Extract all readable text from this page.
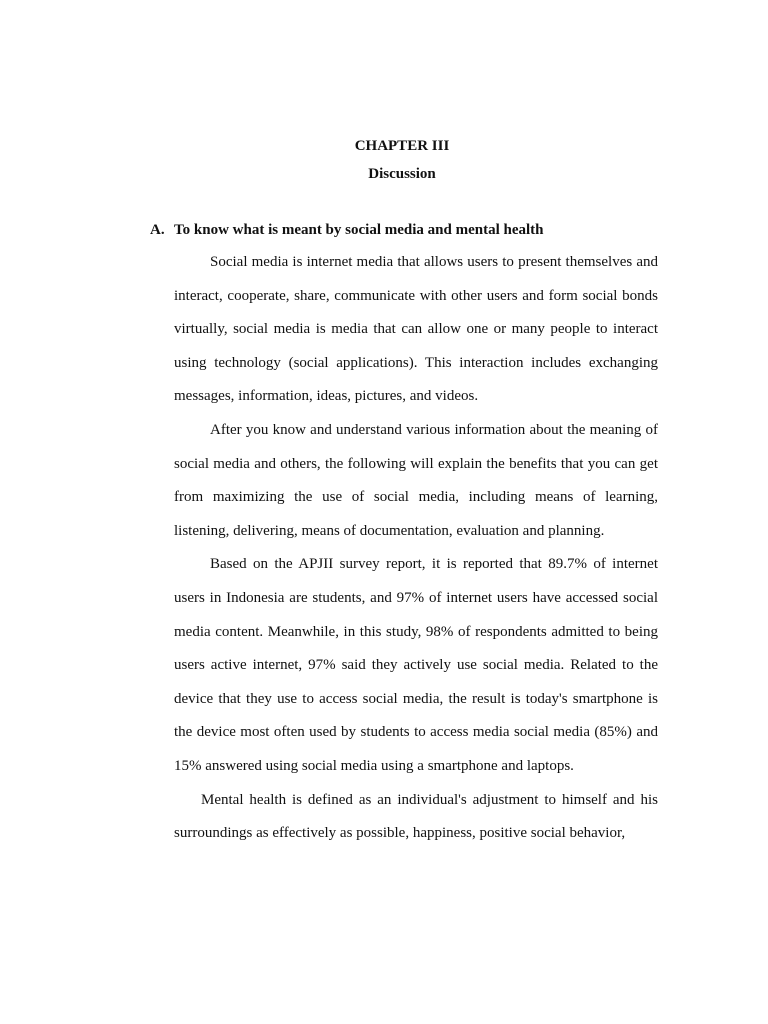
CHAPTER III
Discussion
A. To know what is meant by social media and mental health

Social media is internet media that allows users to present themselves and interact, cooperate, share, communicate with other users and form social bonds virtually, social media is media that can allow one or many people to interact using technology (social applications). This interaction includes exchanging messages, information, ideas, pictures, and videos.

After you know and understand various information about the meaning of social media and others, the following will explain the benefits that you can get from maximizing the use of social media, including means of learning, listening, delivering, means of documentation, evaluation and planning.

Based on the APJII survey report, it is reported that 89.7% of internet users in Indonesia are students, and 97% of internet users have accessed social media content. Meanwhile, in this study, 98% of respondents admitted to being users active internet, 97% said they actively use social media. Related to the device that they use to access social media, the result is today's smartphone is the device most often used by students to access media social media (85%) and 15% answered using social media using a smartphone and laptops.

Mental health is defined as an individual's adjustment to himself and his surroundings as effectively as possible, happiness, positive social behavior,
